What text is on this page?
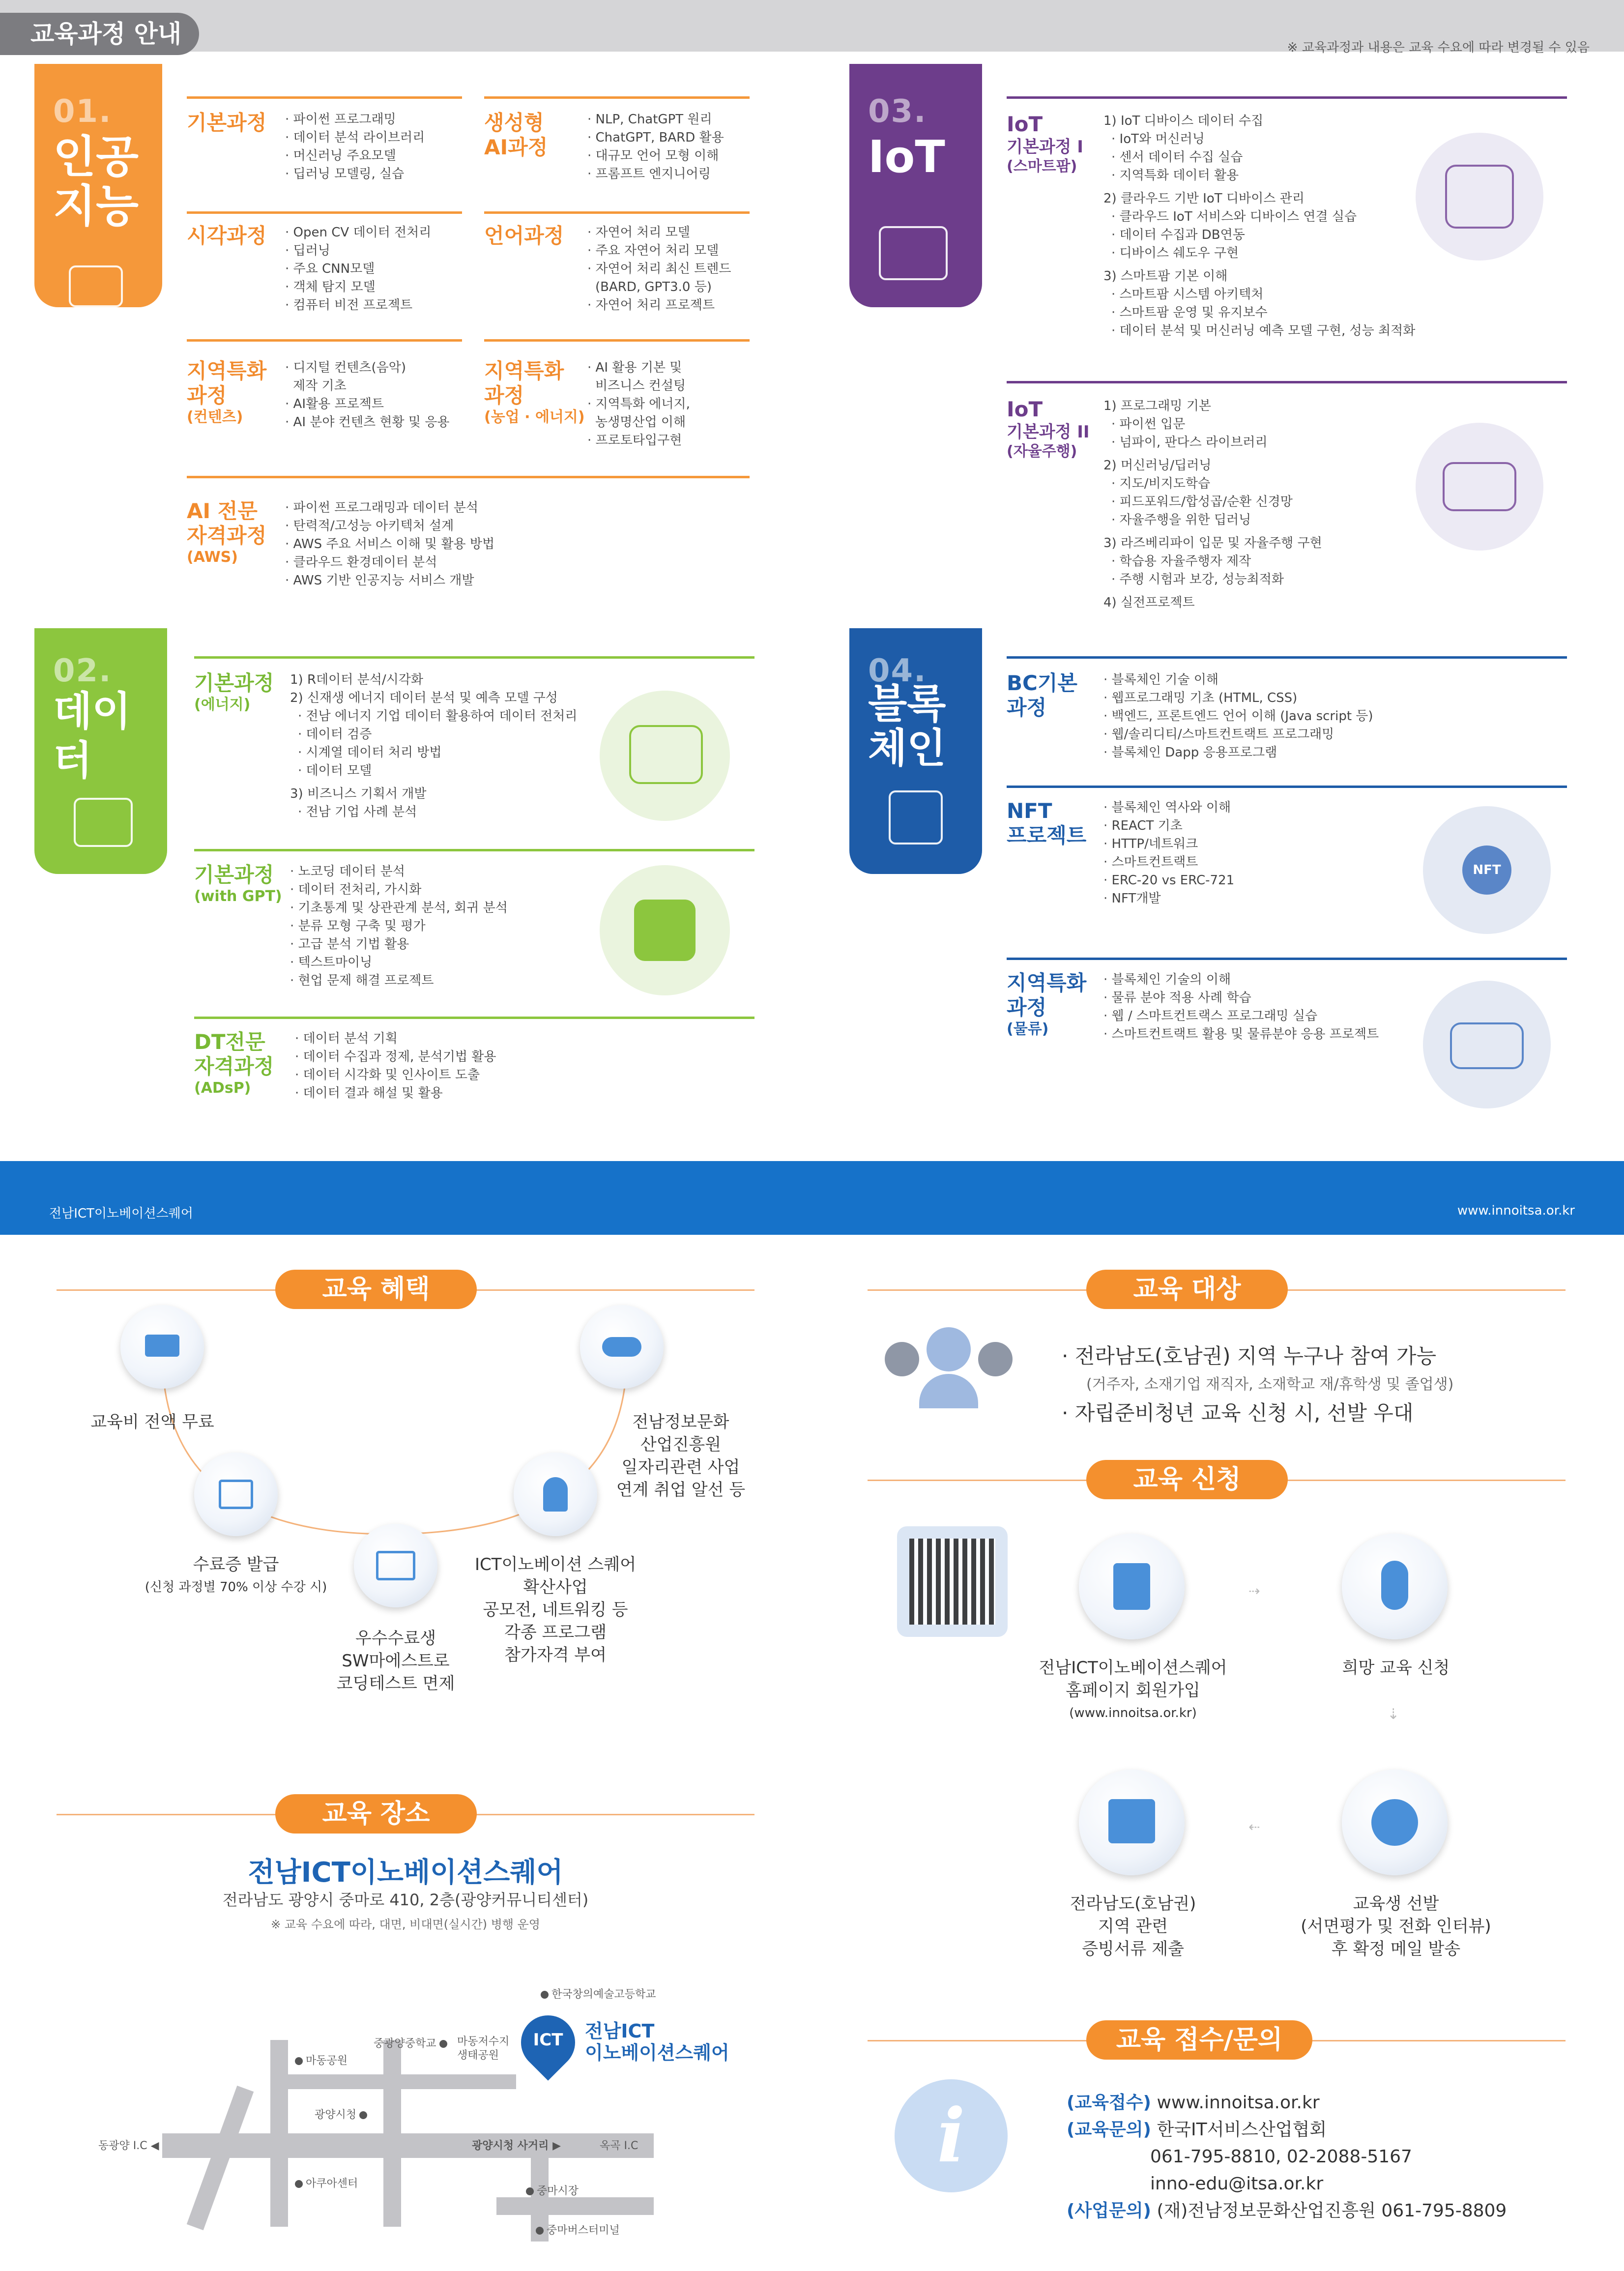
교육과정 안내	※ 교육과정과 내용은 교육 수요에 따라 변경될 수 있음
01.
인공
지능
기본과정 · 파이썬 프로그래밍
· 데이터 분석 라이브러리
· 머신러닝 주요모델
· 딥러닝 모델링, 실습
생성형
AI과정
· NLP, ChatGPT 원리
· ChatGPT, BARD 활용
· 대규모 언어 모형 이해
· 프롬프트 엔지니어링
시각과정 · Open CV 데이터 전처리
· 딥러닝
· 주요 CNN모델
· 객체 탐지 모델
· 컴퓨터 비전 프로젝트
언어과정 · 자연어 처리 모델
· 주요 자연어 처리 모델
· 자연어 처리 최신 트렌드
(BARD, GPT3.0 등)
· 자연어 처리 프로젝트
지역특화
과정
(컨텐츠)
· 디지털 컨텐츠(음악)
제작 기초
· AI활용 프로젝트
· AI 분야 컨텐츠 현황 및 응용
지역특화
과정
(농업 · 에너지)
· AI 활용 기본 및
비즈니스 컨설팅
· 지역특화 에너지,
농생명산업 이해
· 프로토타입구현
AI 전문
자격과정
(AWS)
· 파이썬 프로그래밍과 데이터 분석
· 탄력적/고성능 아키텍처 설계
· AWS 주요 서비스 이해 및 활용 방법
· 클라우드 환경데이터 분석
· AWS 기반 인공지능 서비스 개발
02.
데이터
기본과정
(에너지)
1) R데이터 분석/시각화
2) 신재생 에너지 데이터 분석 및 예측 모델 구성
· 전남 에너지 기업 데이터 활용하여 데이터 전처리
· 데이터 검증
· 시계열 데이터 처리 방법
· 데이터 모델
3) 비즈니스 기획서 개발
· 전남 기업 사례 분석
기본과정
(with GPT)
· 노코딩 데이터 분석
· 데이터 전처리, 가시화
· 기초통계 및 상관관계 분석, 회귀 분석
· 분류 모형 구축 및 평가
· 고급 분석 기법 활용
· 텍스트마이닝
· 현업 문제 해결 프로젝트
DT전문
자격과정
(ADsP)
· 데이터 분석 기획
· 데이터 수집과 정제, 분석기법 활용
· 데이터 시각화 및 인사이트 도출
· 데이터 결과 해설 및 활용
03.
IoT
IoT
기본과정 I
(스마트팜)
1) IoT 디바이스 데이터 수집
· IoT와 머신러닝
· 센서 데이터 수집 실습
· 지역특화 데이터 활용
2) 클라우드 기반 IoT 디바이스 관리
· 클라우드 IoT 서비스와 디바이스 연결 실습
· 데이터 수집과 DB연동
· 디바이스 쉐도우 구현
3) 스마트팜 기본 이해
· 스마트팜 시스템 아키텍처
· 스마트팜 운영 및 유지보수
· 데이터 분석 및 머신러닝 예측 모델 구현, 성능 최적화
IoT
기본과정 II
(자율주행)
1) 프로그래밍 기본
· 파이썬 입문
· 넘파이, 판다스 라이브러리
2) 머신러닝/딥러닝
· 지도/비지도학습
· 피드포워드/합성곱/순환 신경망
· 자율주행을 위한 딥러닝
3) 라즈베리파이 입문 및 자율주행 구현
· 학습용 자율주행자 제작
· 주행 시험과 보강, 성능최적화
4) 실전프로젝트
04.
블록
체인
BC기본
과정
· 블록체인 기술 이해
· 웹프로그래밍 기초 (HTML, CSS)
· 백엔드, 프론트엔드 언어 이해 (Java script 등)
· 웹/솔리디티/스마트컨트랙트 프로그래밍
· 블록체인 Dapp 응용프로그램
NFT
프로젝트
· 블록체인 역사와 이해
· REACT 기초
· HTTP/네트워크
· 스마트컨트랙트
· ERC-20 vs ERC-721
· NFT개발
NFT
지역특화
과정
(물류)
· 블록체인 기술의 이해
· 물류 분야 적용 사례 학습
· 웹 / 스마트컨트랙스 프로그래밍 실습
· 스마트컨트랙트 활용 및 물류분야 응용 프로젝트
전남ICT이노베이션스퀘어	www.innoitsa.or.kr
교육 혜택
교육비 전액 무료	전남정보문화
산업진흥원
일자리관련 사업
연계 취업 알선 등
수료증 발급
(신청 과정별 70% 이상 수강 시)
ICT이노베이션 스퀘어
확산사업
공모전, 네트워킹 등
각종 프로그램
참가자격 부여
우수수료생
SW마에스트로
코딩테스트 면제
교육 대상
· 전라남도(호남권) 지역 누구나 참여 가능
(거주자, 소재기업 재직자, 소재학교 재/휴학생 및 졸업생)
· 자립준비청년 교육 신청 시, 선발 우대
교육 신청
전남ICT이노베이션스퀘어
홈페이지 회원가입
(www.innoitsa.or.kr)
⇢
희망 교육 신청
⇣
교육생 선발
(서면평가 및 전화 인터뷰)
후 확정 메일 발송
⇠
전라남도(호남권)
지역 관련
증빙서류 제출
교육 장소
전남ICT이노베이션스퀘어
전라남도 광양시 중마로 410, 2층(광양커뮤니티센터)
※ 교육 수요에 따라, 대면, 비대면(실시간) 병행 운영
한국창의예술고등학교
중광양중학교
마동공원
마동저수지
생태공원
광양시청
동광양 I.C ◀	광양시청 사거리 ▶	옥곡 I.C
아쿠아센터
중마시장
중마버스터미널
ICT 전남ICT
이노베이션스퀘어	교육 접수/문의
i	(교육접수) www.innoitsa.or.kr
(교육문의) 한국IT서비스산업협회
061-795-8810, 02-2088-5167
inno-edu@itsa.or.kr
(사업문의) (재)전남정보문화산업진흥원 061-795-8809
